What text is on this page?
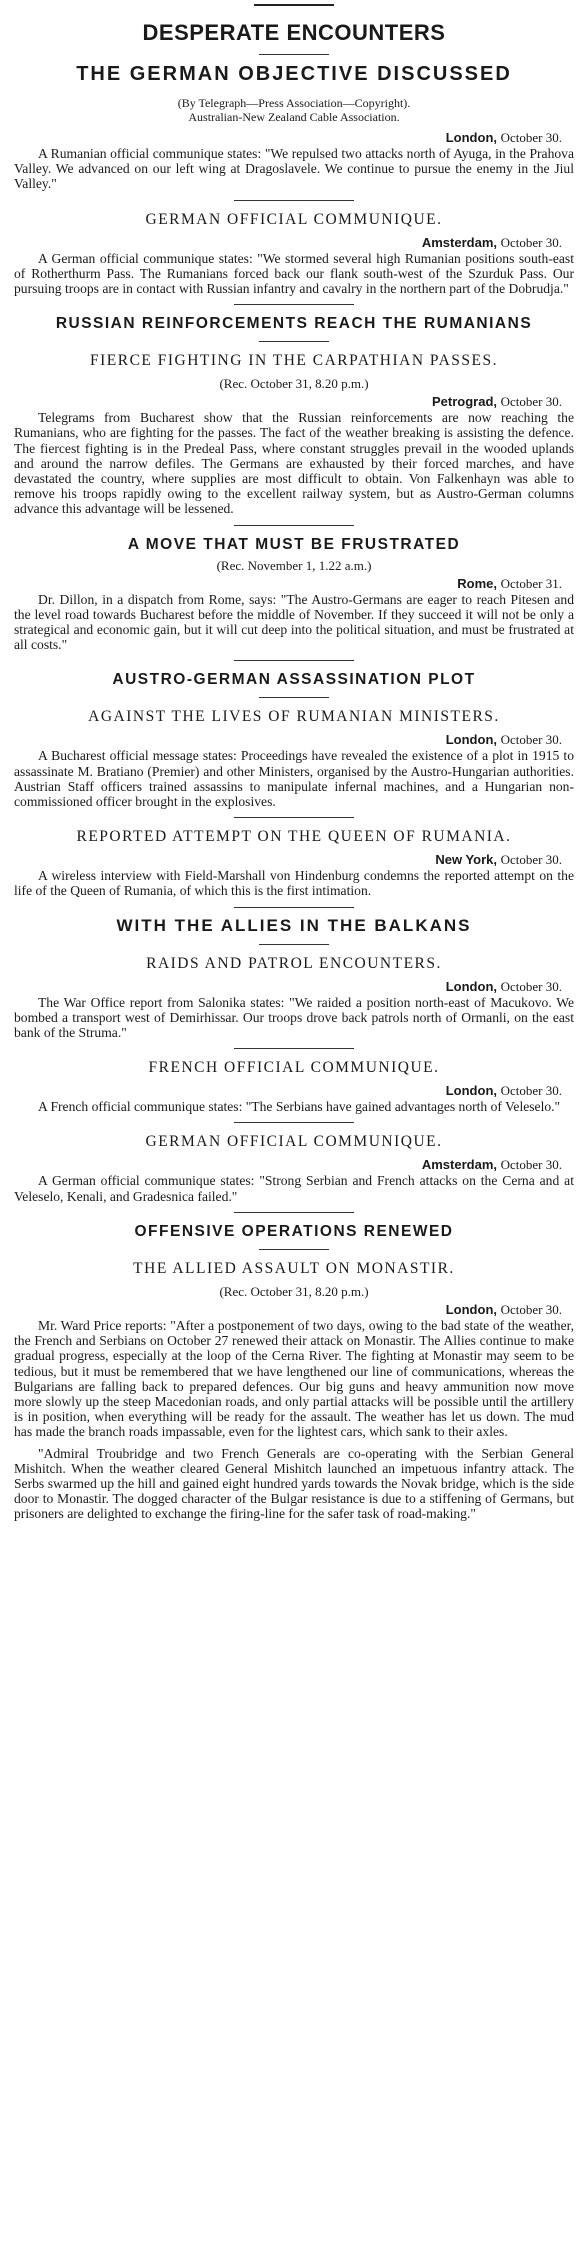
DESPERATE ENCOUNTERS
THE GERMAN OBJECTIVE DISCUSSED
(By Telegraph—Press Association—Copyright).
Australian-New Zealand Cable Association.
London, October 30.

A Rumanian official communique states: "We repulsed two attacks north of Ayuga, in the Prahova Valley. We advanced on our left wing at Dragoslavele. We continue to pursue the enemy in the Jiul Valley."

GERMAN OFFICIAL COMMUNIQUE.
Amsterdam, October 30.

A German official communique states: "We stormed several high Rumanian positions south-east of Rotherthurm Pass. The Rumanians forced back our flank south-west of the Szurduk Pass. Our pursuing troops are in contact with Russian infantry and cavalry in the northern part of the Dobrudja."

RUSSIAN REINFORCEMENTS REACH THE RUMANIANS
FIERCE FIGHTING IN THE CARPATHIAN PASSES.
(Rec. October 31, 8.20 p.m.)
Petrograd, October 30.

Telegrams from Bucharest show that the Russian reinforcements are now reaching the Rumanians, who are fighting for the passes. The fact of the weather breaking is assisting the defence. The fiercest fighting is in the Predeal Pass, where constant struggles prevail in the wooded uplands and around the narrow defiles. The Germans are exhausted by their forced marches, and have devastated the country, where supplies are most difficult to obtain. Von Falkenhayn was able to remove his troops rapidly owing to the excellent railway system, but as Austro-German columns advance this advantage will be lessened.

A MOVE THAT MUST BE FRUSTRATED
(Rec. November 1, 1.22 a.m.)
Rome, October 31.

Dr. Dillon, in a dispatch from Rome, says: "The Austro-Germans are eager to reach Pitesen and the level road towards Bucharest before the middle of November. If they succeed it will not be only a strategical and economic gain, but it will cut deep into the political situation, and must be frustrated at all costs."

AUSTRO-GERMAN ASSASSINATION PLOT
AGAINST THE LIVES OF RUMANIAN MINISTERS.
London, October 30.

A Bucharest official message states: Proceedings have revealed the existence of a plot in 1915 to assassinate M. Bratiano (Premier) and other Ministers, organised by the Austro-Hungarian authorities. Austrian Staff officers trained assassins to manipulate infernal machines, and a Hungarian non-commissioned officer brought in the explosives.

REPORTED ATTEMPT ON THE QUEEN OF RUMANIA.
New York, October 30.

A wireless interview with Field-Marshall von Hindenburg condemns the reported attempt on the life of the Queen of Rumania, of which this is the first intimation.

WITH THE ALLIES IN THE BALKANS
RAIDS AND PATROL ENCOUNTERS.
London, October 30.

The War Office report from Salonika states: "We raided a position north-east of Macukovo. We bombed a transport west of Demirhissar. Our troops drove back patrols north of Ormanli, on the east bank of the Struma."

FRENCH OFFICIAL COMMUNIQUE.
London, October 30.

A French official communique states: "The Serbians have gained advantages north of Veleselo."

GERMAN OFFICIAL COMMUNIQUE.
Amsterdam, October 30.

A German official communique states: "Strong Serbian and French attacks on the Cerna and at Veleselo, Kenali, and Gradesnica failed."

OFFENSIVE OPERATIONS RENEWED
THE ALLIED ASSAULT ON MONASTIR.
(Rec. October 31, 8.20 p.m.)
London, October 30.

Mr. Ward Price reports: "After a postponement of two days, owing to the bad state of the weather, the French and Serbians on October 27 renewed their attack on Monastir. The Allies continue to make gradual progress, especially at the loop of the Cerna River. The fighting at Monastir may seem to be tedious, but it must be remembered that we have lengthened our line of communications, whereas the Bulgarians are falling back to prepared defences. Our big guns and heavy ammunition now move more slowly up the steep Macedonian roads, and only partial attacks will be possible until the artillery is in position, when everything will be ready for the assault. The weather has let us down. The mud has made the branch roads impassable, even for the lightest cars, which sank to their axles.

"Admiral Troubridge and two French Generals are co-operating with the Serbian General Mishitch. When the weather cleared General Mishitch launched an impetuous infantry attack. The Serbs swarmed up the hill and gained eight hundred yards towards the Novak bridge, which is the side door to Monastir. The dogged character of the Bulgar resistance is due to a stiffening of Germans, but prisoners are delighted to exchange the firing-line for the safer task of road-making."
